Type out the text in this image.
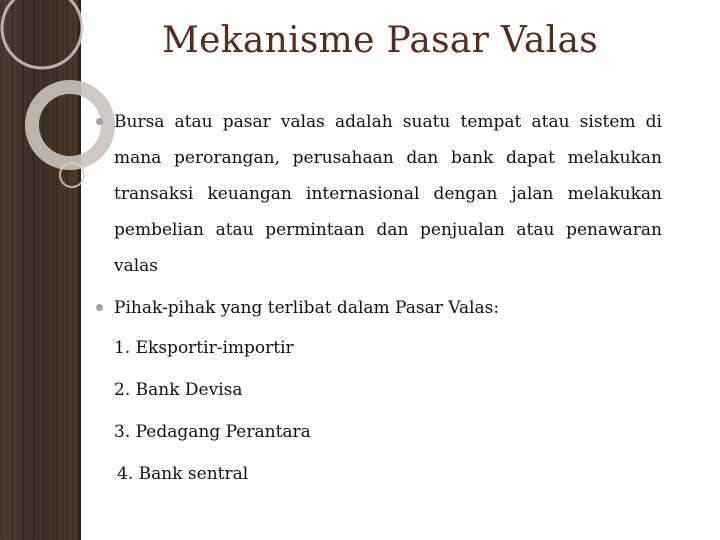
Mekanisme Pasar Valas
Bursa atau pasar valas adalah suatu tempat atau sistem di mana perorangan, perusahaan dan bank dapat melakukan transaksi keuangan internasional dengan jalan melakukan pembelian atau permintaan dan penjualan atau penawaran valas
Pihak-pihak yang terlibat dalam Pasar Valas:
1. Eksportir-importir
2. Bank Devisa
3. Pedagang Perantara
4. Bank sentral
